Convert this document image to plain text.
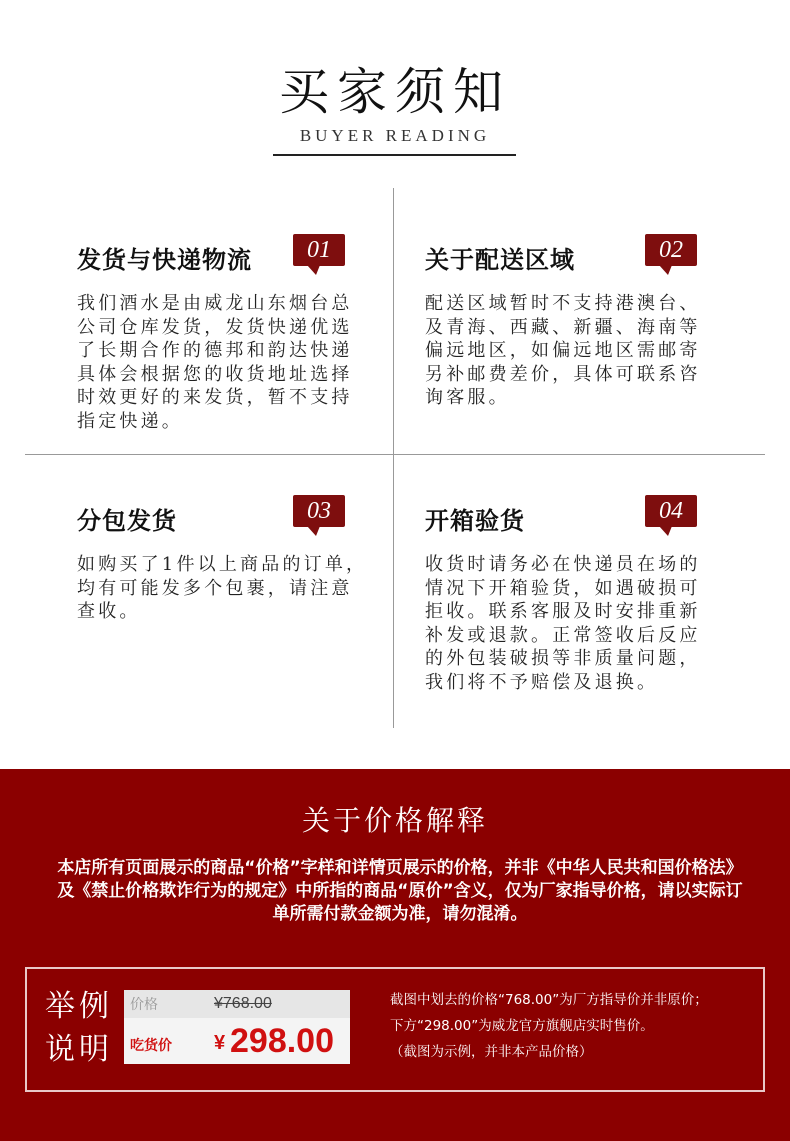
买家须知
BUYER READING
发货与快递物流	01
我们酒水是由威龙山东烟台总公司仓库发货，发货快递优选了长期合作的德邦和韵达快递具体会根据您的收货地址选择时效更好的来发货，暂不支持指定快递。
关于配送区域	02
配送区域暂时不支持港澳台、及青海、西藏、新疆、海南等偏远地区，如偏远地区需邮寄另补邮费差价，具体可联系咨询客服。
分包发货	03
如购买了1件以上商品的订单，均有可能发多个包裹，请注意查收。
开箱验货	04
收货时请务必在快递员在场的情况下开箱验货，如遇破损可拒收。联系客服及时安排重新补发或退款。正常签收后反应的外包装破损等非质量问题，我们将不予赔偿及退换。
关于价格解释
本店所有页面展示的商品“价格”字样和详情页展示的价格，并非《中华人民共和国价格法》及《禁止价格欺诈行为的规定》中所指的商品“原价”含义，仅为厂家指导价格，请以实际订单所需付款金额为准，请勿混淆。
举例说明
价格	¥768.00
吃货价 ¥ 298.00
截图中划去的价格“768.00”为厂方指导价并非原价；
下方“298.00”为威龙官方旗舰店实时售价。
（截图为示例，并非本产品价格）
